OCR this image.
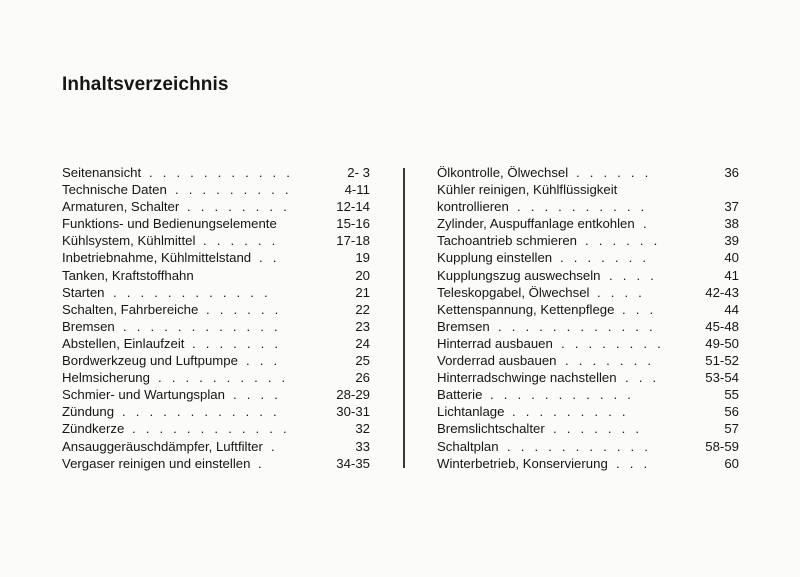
Inhaltsverzeichnis
Seitenansicht . . . . . . . . . . .	2- 3
Technische Daten . . . . . . . . .	4-11
Armaturen, Schalter . . . . . . . .	12-14
Funktions- und Bedienungselemente	15-16
Kühlsystem, Kühlmittel . . . . . .	17-18
Inbetriebnahme, Kühlmittelstand . .	19
Tanken, Kraftstoffhahn	20
Starten . . . . . . . . . . . .	21
Schalten, Fahrbereiche . . . . . .	22
Bremsen . . . . . . . . . . . .	23
Abstellen, Einlaufzeit . . . . . . .	24
Bordwerkzeug und Luftpumpe . . .	25
Helmsicherung . . . . . . . . . .	26
Schmier- und Wartungsplan . . . .	28-29
Zündung . . . . . . . . . . . .	30-31
Zündkerze . . . . . . . . . . . .	32
Ansauggeräuschdämpfer, Luftfilter .	33
Vergaser reinigen und einstellen .	34-35
Ölkontrolle, Ölwechsel . . . . . .	36
Kühler reinigen, Kühlflüssigkeit
kontrollieren . . . . . . . . . .	37
Zylinder, Auspuffanlage entkohlen .	38
Tachoantrieb schmieren . . . . . .	39
Kupplung einstellen . . . . . . .	40
Kupplungszug auswechseln . . . .	41
Teleskopgabel, Ölwechsel . . . .	42-43
Kettenspannung, Kettenpflege . . .	44
Bremsen . . . . . . . . . . . .	45-48
Hinterrad ausbauen . . . . . . . .	49-50
Vorderrad ausbauen . . . . . . .	51-52
Hinterradschwinge nachstellen . . .	53-54
Batterie . . . . . . . . . . .	55
Lichtanlage . . . . . . . . .	56
Bremslichtschalter . . . . . . .	57
Schaltplan . . . . . . . . . . .	58-59
Winterbetrieb, Konservierung . . .	60
